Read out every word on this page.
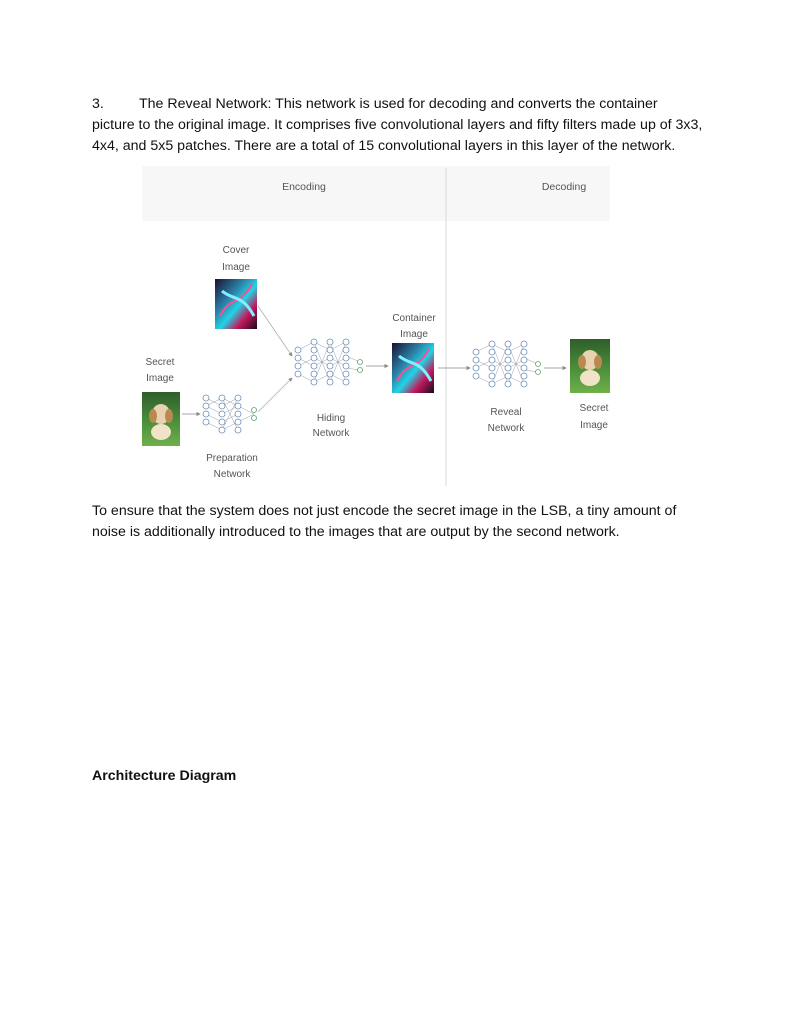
3. The Reveal Network: This network is used for decoding and converts the container picture to the original image. It comprises five convolutional layers and fifty filters made up of 3x3, 4x4, and 5x5 patches. There are a total of 15 convolutional layers in this layer of the network.

Encoding	Decoding
Cover
Image
Secret
Image
Preparation
Network
Hiding
Network
Container
Image
Reveal
Network
Secret
Image

To ensure that the system does not just encode the secret image in the LSB, a tiny amount of noise is additionally introduced to the images that are output by the second network.

Architecture Diagram
